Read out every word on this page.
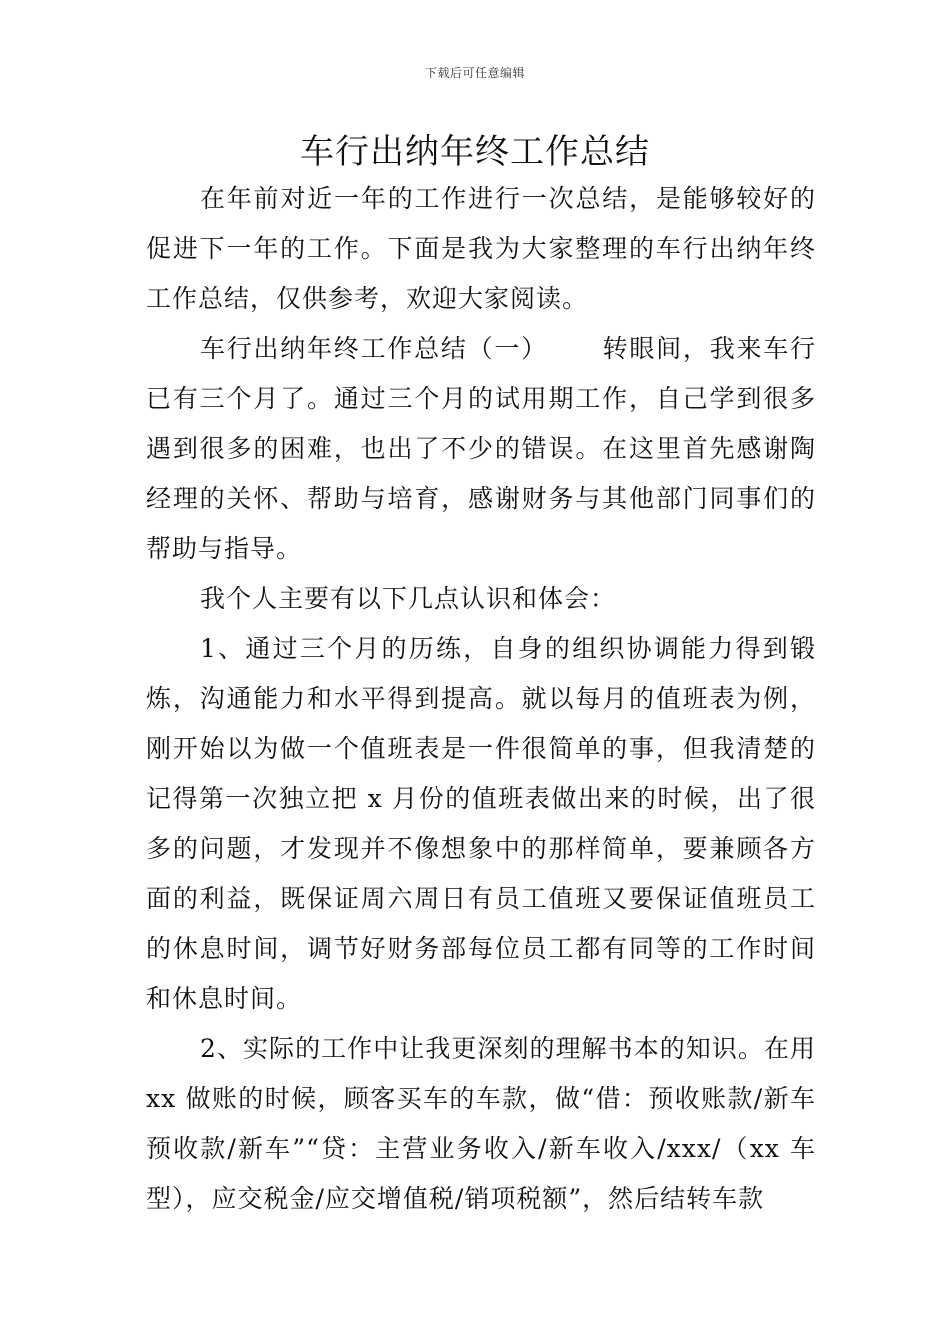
下载后可任意编辑
车行出纳年终工作总结

在年前对近一年的工作进行一次总结，是能够较好的促进下一年的工作。下面是我为大家整理的车行出纳年终工作总结，仅供参考，欢迎大家阅读。

车行出纳年终工作总结（一） 转眼间，我来车行已有三个月了。通过三个月的试用期工作，自己学到很多遇到很多的困难，也出了不少的错误。在这里首先感谢陶经理的关怀、帮助与培育，感谢财务与其他部门同事们的帮助与指导。

我个人主要有以下几点认识和体会：

1、通过三个月的历练，自身的组织协调能力得到锻炼，沟通能力和水平得到提高。就以每月的值班表为例，刚开始以为做一个值班表是一件很简单的事，但我清楚的记得第一次独立把 x 月份的值班表做出来的时候，出了很多的问题，才发现并不像想象中的那样简单，要兼顾各方面的利益，既保证周六周日有员工值班又要保证值班员工的休息时间，调节好财务部每位员工都有同等的工作时间和休息时间。

2、实际的工作中让我更深刻的理解书本的知识。在用 xx 做账的时候，顾客买车的车款，做“借：预收账款/新车预收款/新车”“贷：主营业务收入/新车收入/xxx/（xx 车型），应交税金/应交增值税/销项税额”，然后结转车款
